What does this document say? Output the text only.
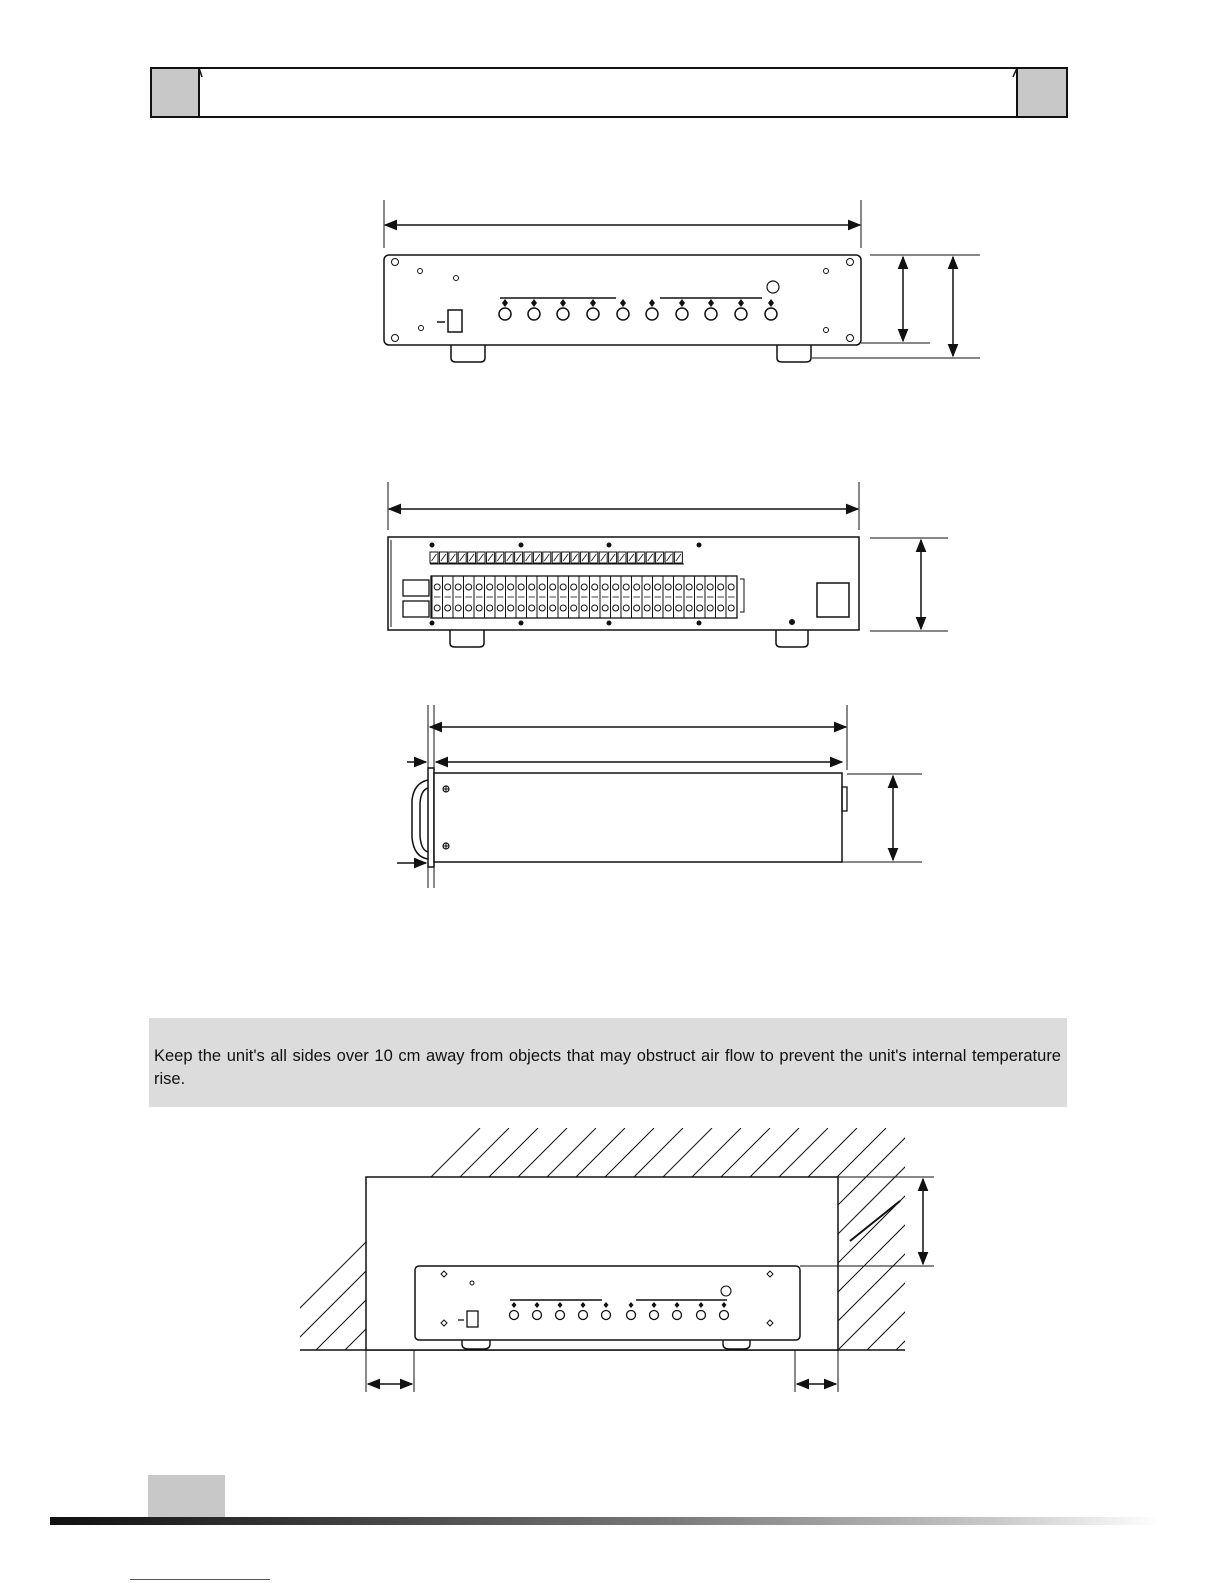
Keep the unit's all sides over 10 cm away from objects that may obstruct air flow to prevent the unit's internal temperature rise.
